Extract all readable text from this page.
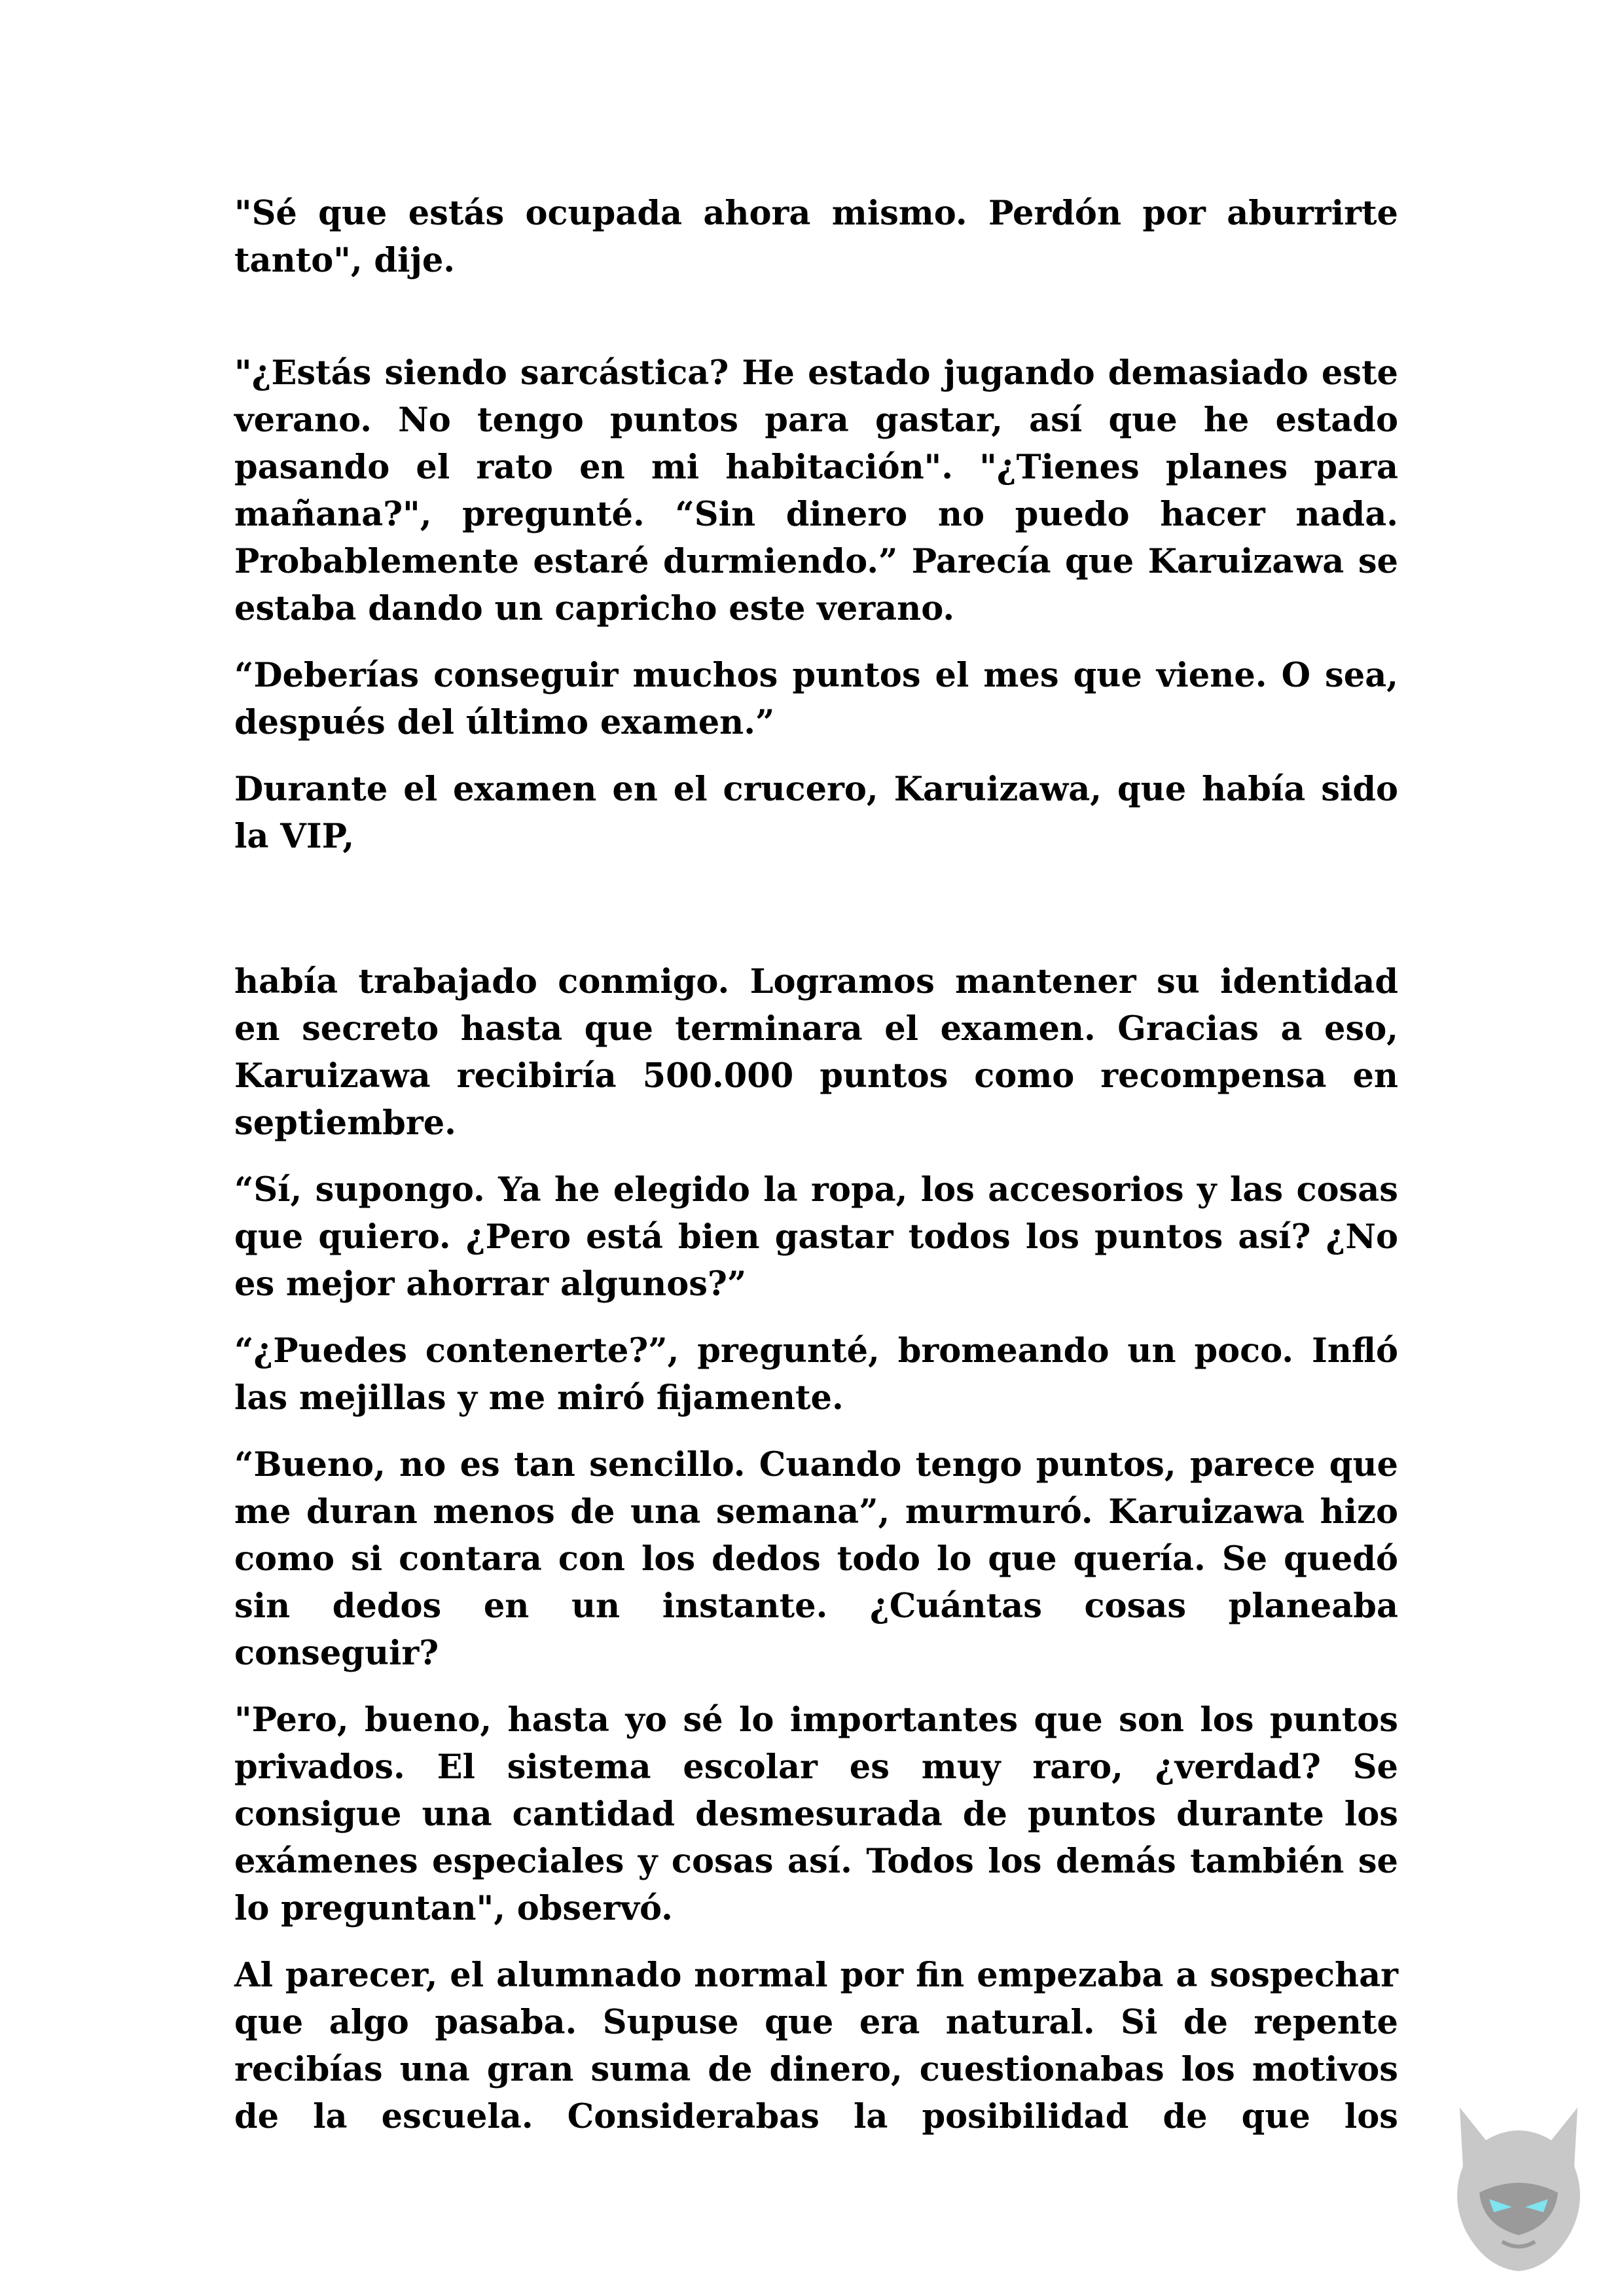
"Sé que estás ocupada ahora mismo. Perdón por aburrirte tanto", dije.

"¿Estás siendo sarcástica? He estado jugando demasiado este verano. No tengo puntos para gastar, así que he estado pasando el rato en mi habitación". "¿Tienes planes para mañana?", pregunté. “Sin dinero no puedo hacer nada. Probablemente estaré durmiendo.” Parecía que Karuizawa se estaba dando un capricho este verano.

“Deberías conseguir muchos puntos el mes que viene. O sea, después del último examen.”

Durante el examen en el crucero, Karuizawa, que había sido la VIP,

había trabajado conmigo. Logramos mantener su identidad en secreto hasta que terminara el examen. Gracias a eso, Karuizawa recibiría 500.000 puntos como recompensa en septiembre.

“Sí, supongo. Ya he elegido la ropa, los accesorios y las cosas que quiero. ¿Pero está bien gastar todos los puntos así? ¿No es mejor ahorrar algunos?”

“¿Puedes contenerte?”, pregunté, bromeando un poco. Infló las mejillas y me miró fijamente.

“Bueno, no es tan sencillo. Cuando tengo puntos, parece que me duran menos de una semana”, murmuró. Karuizawa hizo como si contara con los dedos todo lo que quería. Se quedó sin dedos en un instante. ¿Cuántas cosas planeaba conseguir?

"Pero, bueno, hasta yo sé lo importantes que son los puntos privados. El sistema escolar es muy raro, ¿verdad? Se consigue una cantidad desmesurada de puntos durante los exámenes especiales y cosas así. Todos los demás también se lo preguntan", observó.

Al parecer, el alumnado normal por fin empezaba a sospechar que algo pasaba. Supuse que era natural. Si de repente recibías una gran suma de dinero, cuestionabas los motivos de la escuela. Considerabas la posibilidad de que los
